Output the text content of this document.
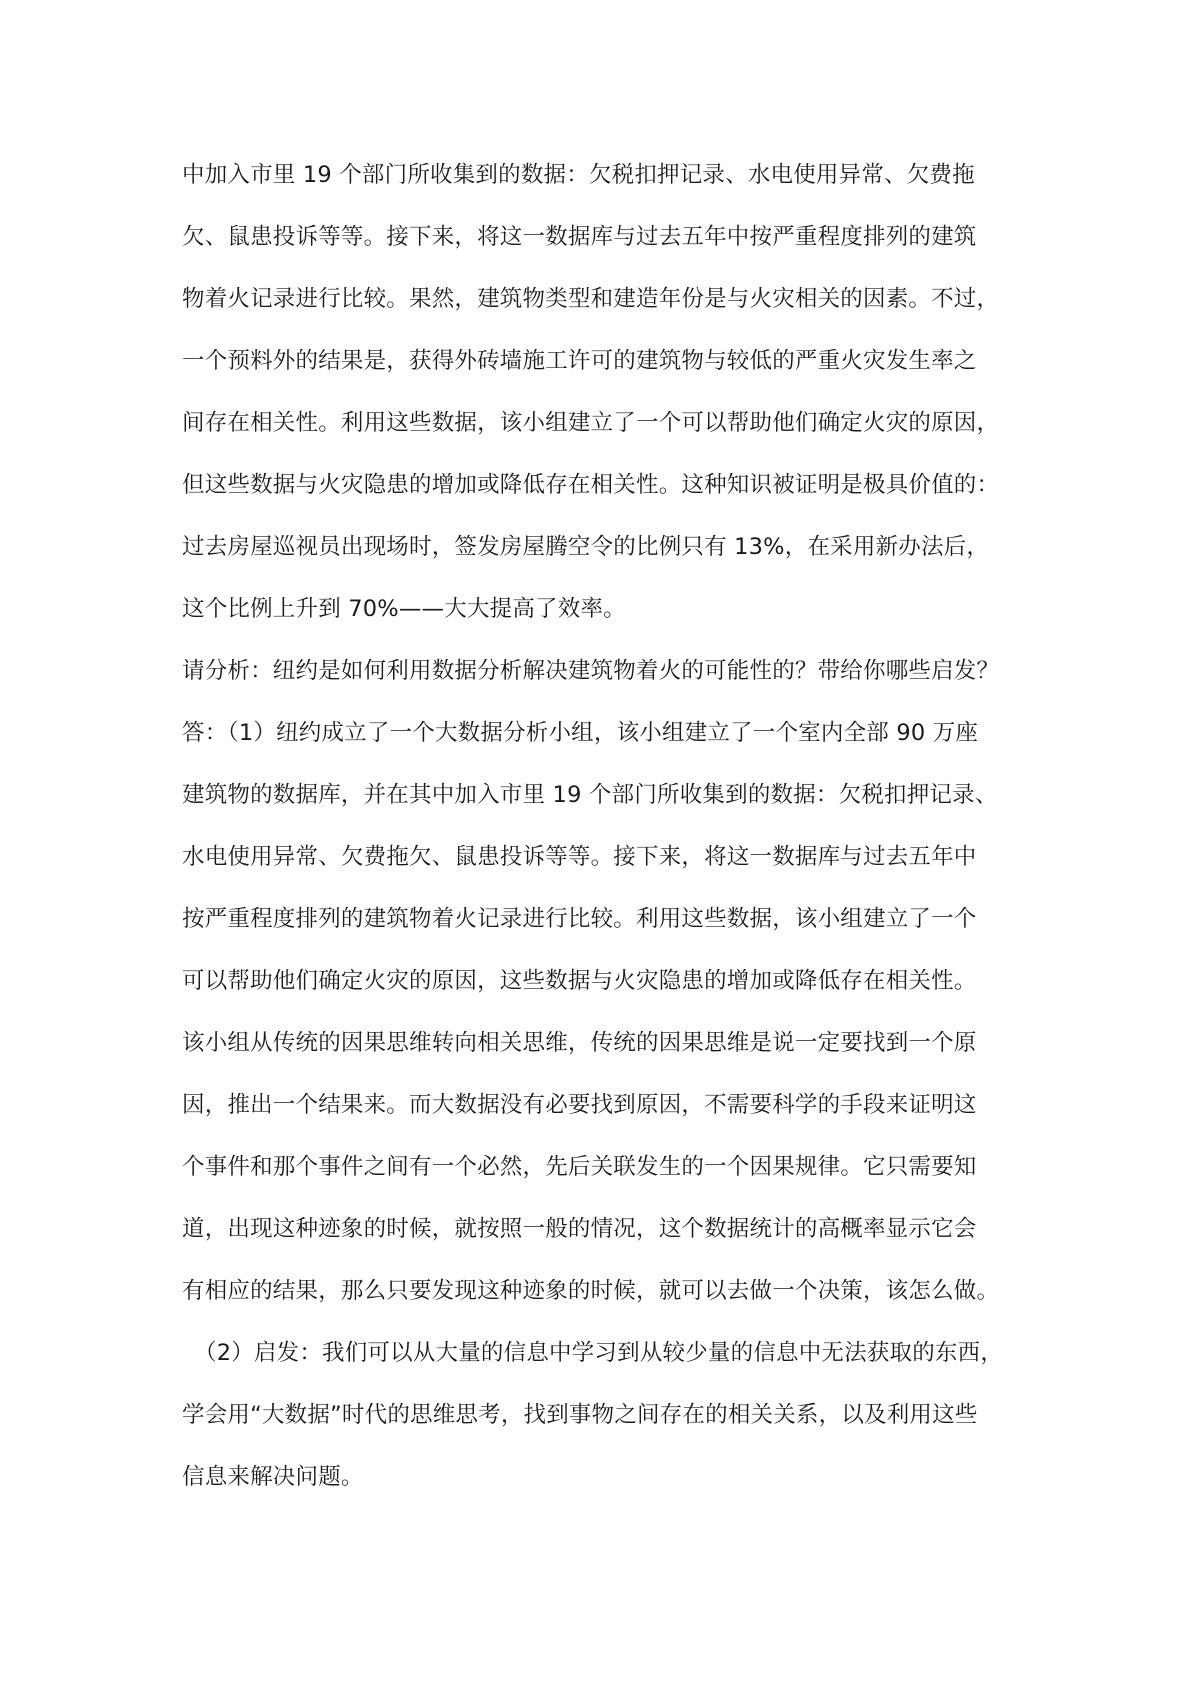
中加入市里 19 个部门所收集到的数据：欠税扣押记录、水电使用异常、欠费拖
欠、鼠患投诉等等。接下来，将这一数据库与过去五年中按严重程度排列的建筑
物着火记录进行比较。果然，建筑物类型和建造年份是与火灾相关的因素。不过，
一个预料外的结果是，获得外砖墙施工许可的建筑物与较低的严重火灾发生率之
间存在相关性。利用这些数据，该小组建立了一个可以帮助他们确定火灾的原因，
但这些数据与火灾隐患的增加或降低存在相关性。这种知识被证明是极具价值的：
过去房屋巡视员出现场时，签发房屋腾空令的比例只有 13%，在采用新办法后，
这个比例上升到 70%——大大提高了效率。
请分析：纽约是如何利用数据分析解决建筑物着火的可能性的？带给你哪些启发？
答：（1）纽约成立了一个大数据分析小组，该小组建立了一个室内全部 90 万座
建筑物的数据库，并在其中加入市里 19 个部门所收集到的数据：欠税扣押记录、
水电使用异常、欠费拖欠、鼠患投诉等等。接下来，将这一数据库与过去五年中
按严重程度排列的建筑物着火记录进行比较。利用这些数据，该小组建立了一个
可以帮助他们确定火灾的原因，这些数据与火灾隐患的增加或降低存在相关性。
该小组从传统的因果思维转向相关思维，传统的因果思维是说一定要找到一个原
因，推出一个结果来。而大数据没有必要找到原因，不需要科学的手段来证明这
个事件和那个事件之间有一个必然，先后关联发生的一个因果规律。它只需要知
道，出现这种迹象的时候，就按照一般的情况，这个数据统计的高概率显示它会
有相应的结果，那么只要发现这种迹象的时候，就可以去做一个决策，该怎么做。
（2）启发：我们可以从大量的信息中学习到从较少量的信息中无法获取的东西，
学会用“大数据”时代的思维思考，找到事物之间存在的相关关系，以及利用这些
信息来解决问题。
